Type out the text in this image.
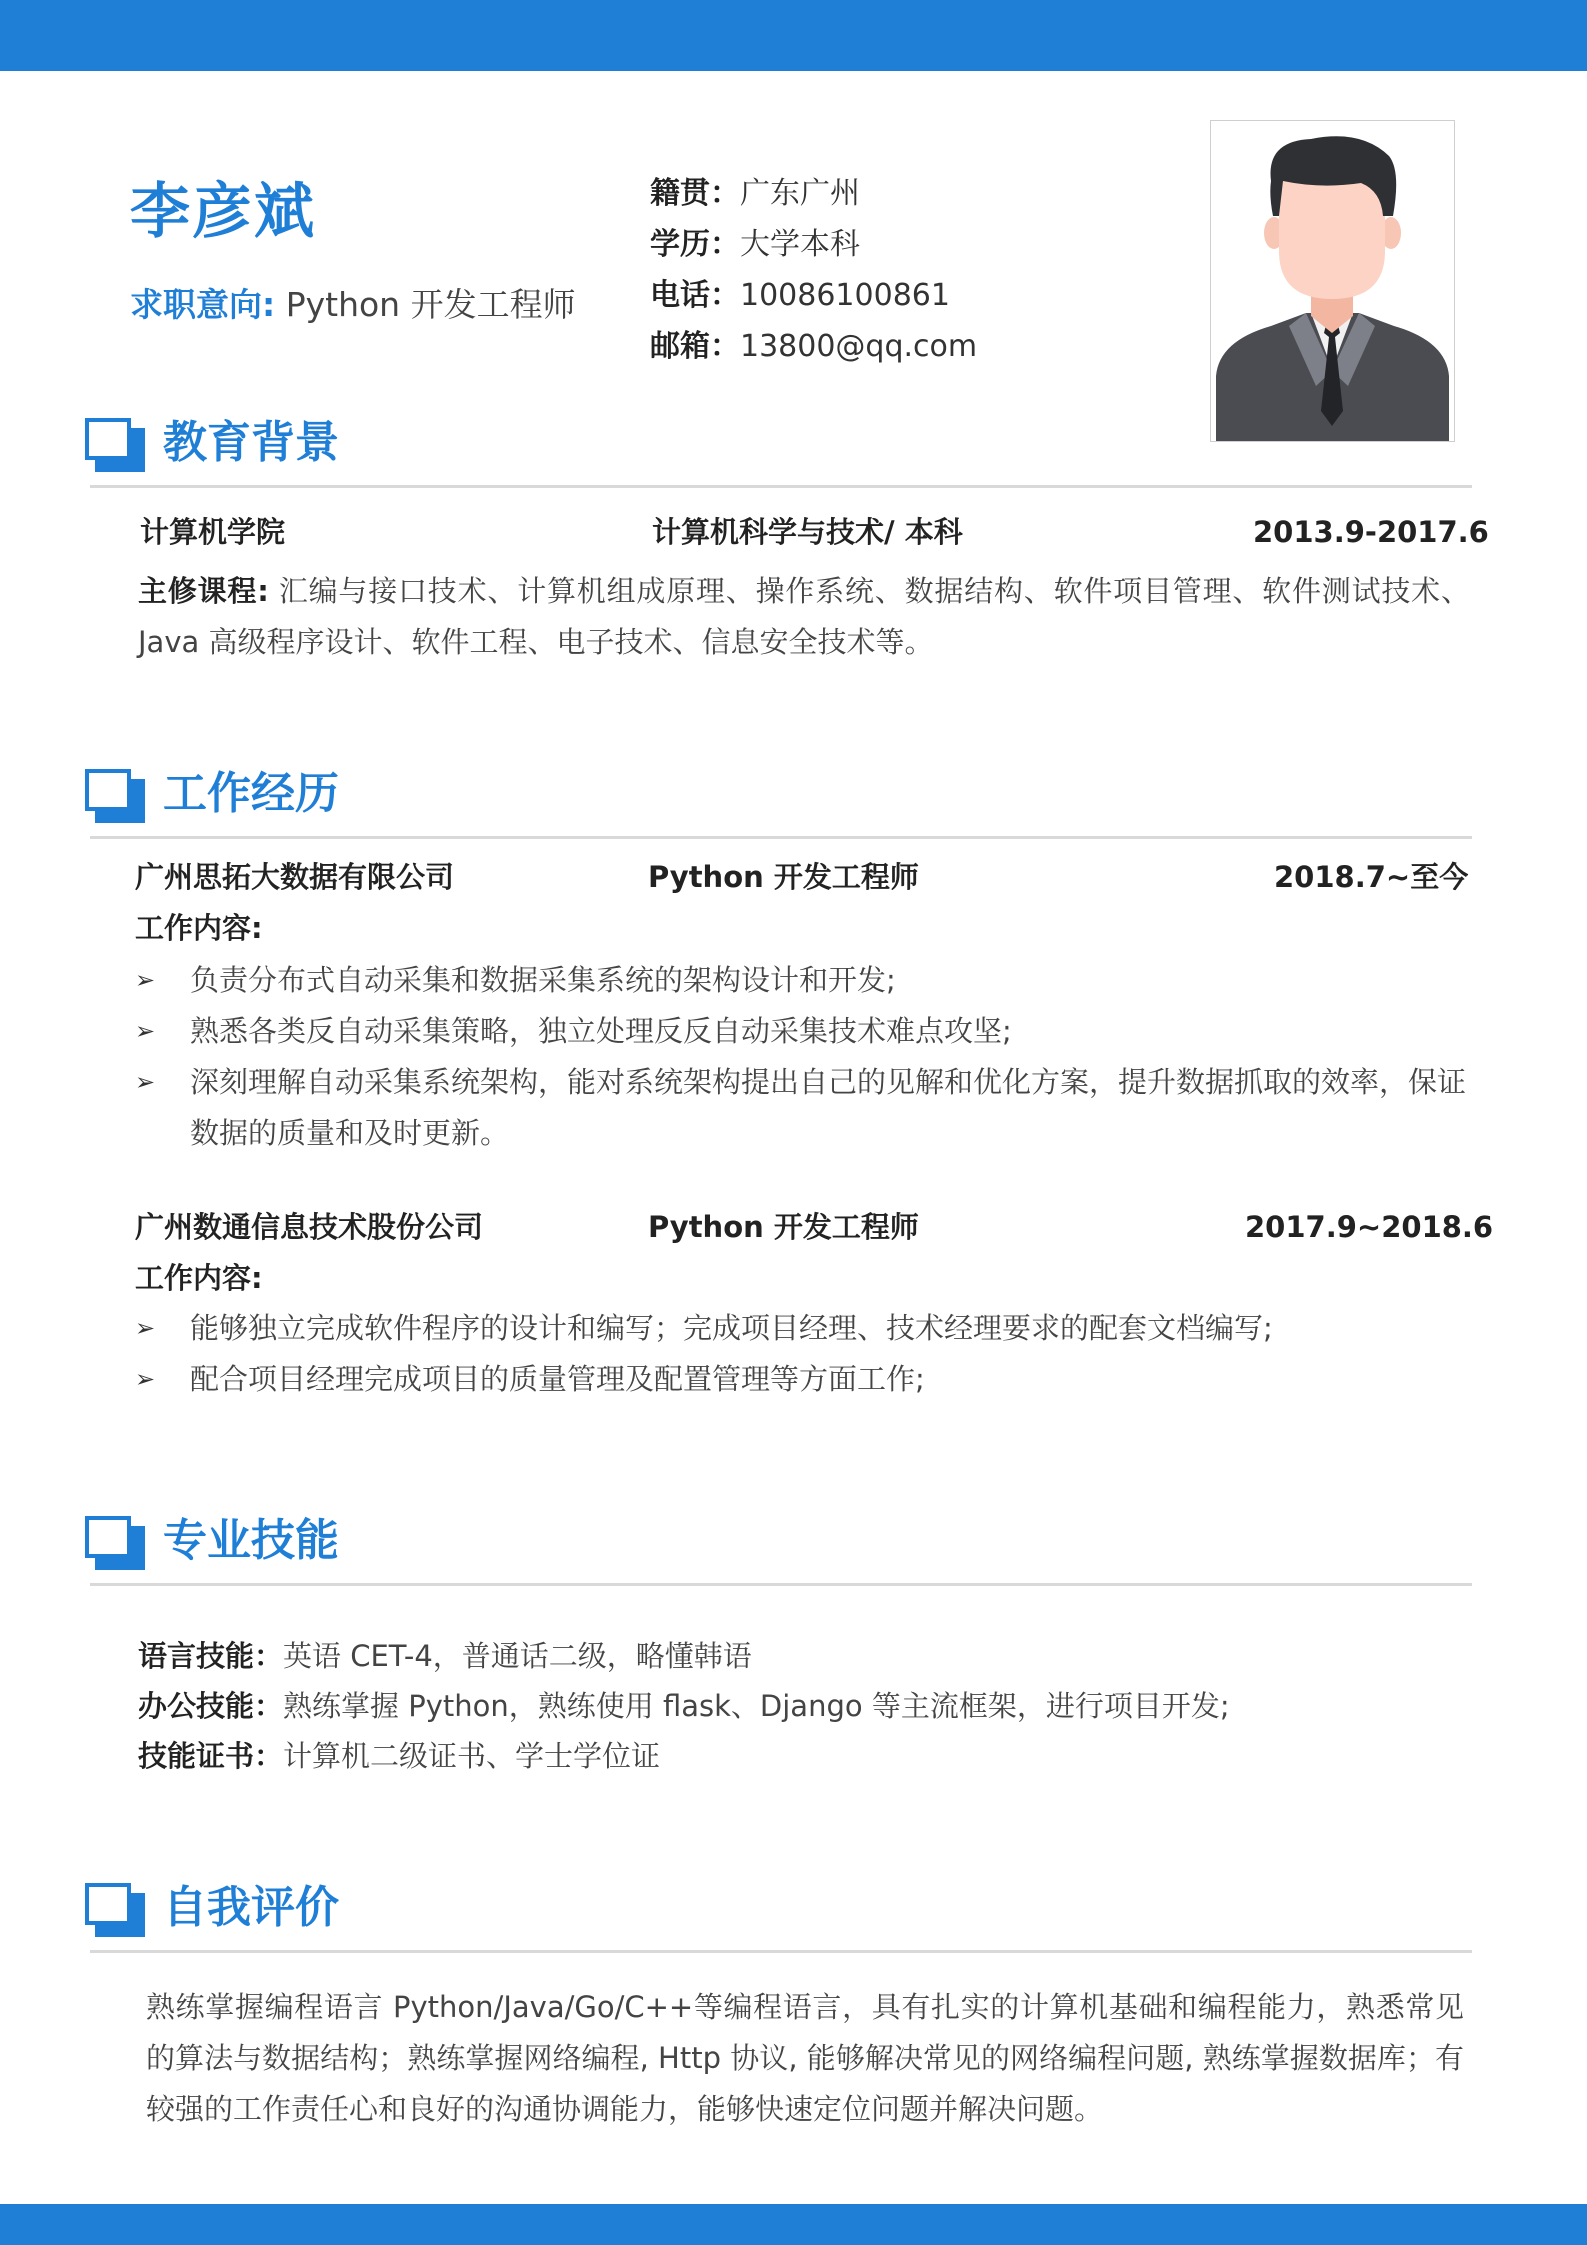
李彦斌
求职意向: Python 开发工程师
籍贯：广东广州
学历：大学本科
电话：10086100861
邮箱：13800@qq.com
教育背景
计算机学院	计算机科学与技术/ 本科	2013.9-2017.6
主修课程: 汇编与接口技术、计算机组成原理、操作系统、数据结构、软件项目管理、软件测试技术、Java 高级程序设计、软件工程、电子技术、信息安全技术等。
工作经历
广州思拓大数据有限公司	Python 开发工程师	2018.7~至今
工作内容:
➢ 负责分布式自动采集和数据采集系统的架构设计和开发;
➢ 熟悉各类反自动采集策略，独立处理反反自动采集技术难点攻坚;
➢ 深刻理解自动采集系统架构，能对系统架构提出自己的见解和优化方案，提升数据抓取的效率，保证数据的质量和及时更新。
广州数通信息技术股份公司	Python 开发工程师	2017.9~2018.6
工作内容:
➢ 能够独立完成软件程序的设计和编写；完成项目经理、技术经理要求的配套文档编写;
➢ 配合项目经理完成项目的质量管理及配置管理等方面工作;
专业技能
语言技能：英语 CET-4，普通话二级，略懂韩语
办公技能：熟练掌握 Python，熟练使用 flask、Django 等主流框架，进行项目开发;
技能证书：计算机二级证书、学士学位证
自我评价
熟练掌握编程语言 Python/Java/Go/C++等编程语言，具有扎实的计算机基础和编程能力，熟悉常见的算法与数据结构；熟练掌握网络编程, Http 协议, 能够解决常见的网络编程问题, 熟练掌握数据库；有较强的工作责任心和良好的沟通协调能力，能够快速定位问题并解决问题。
